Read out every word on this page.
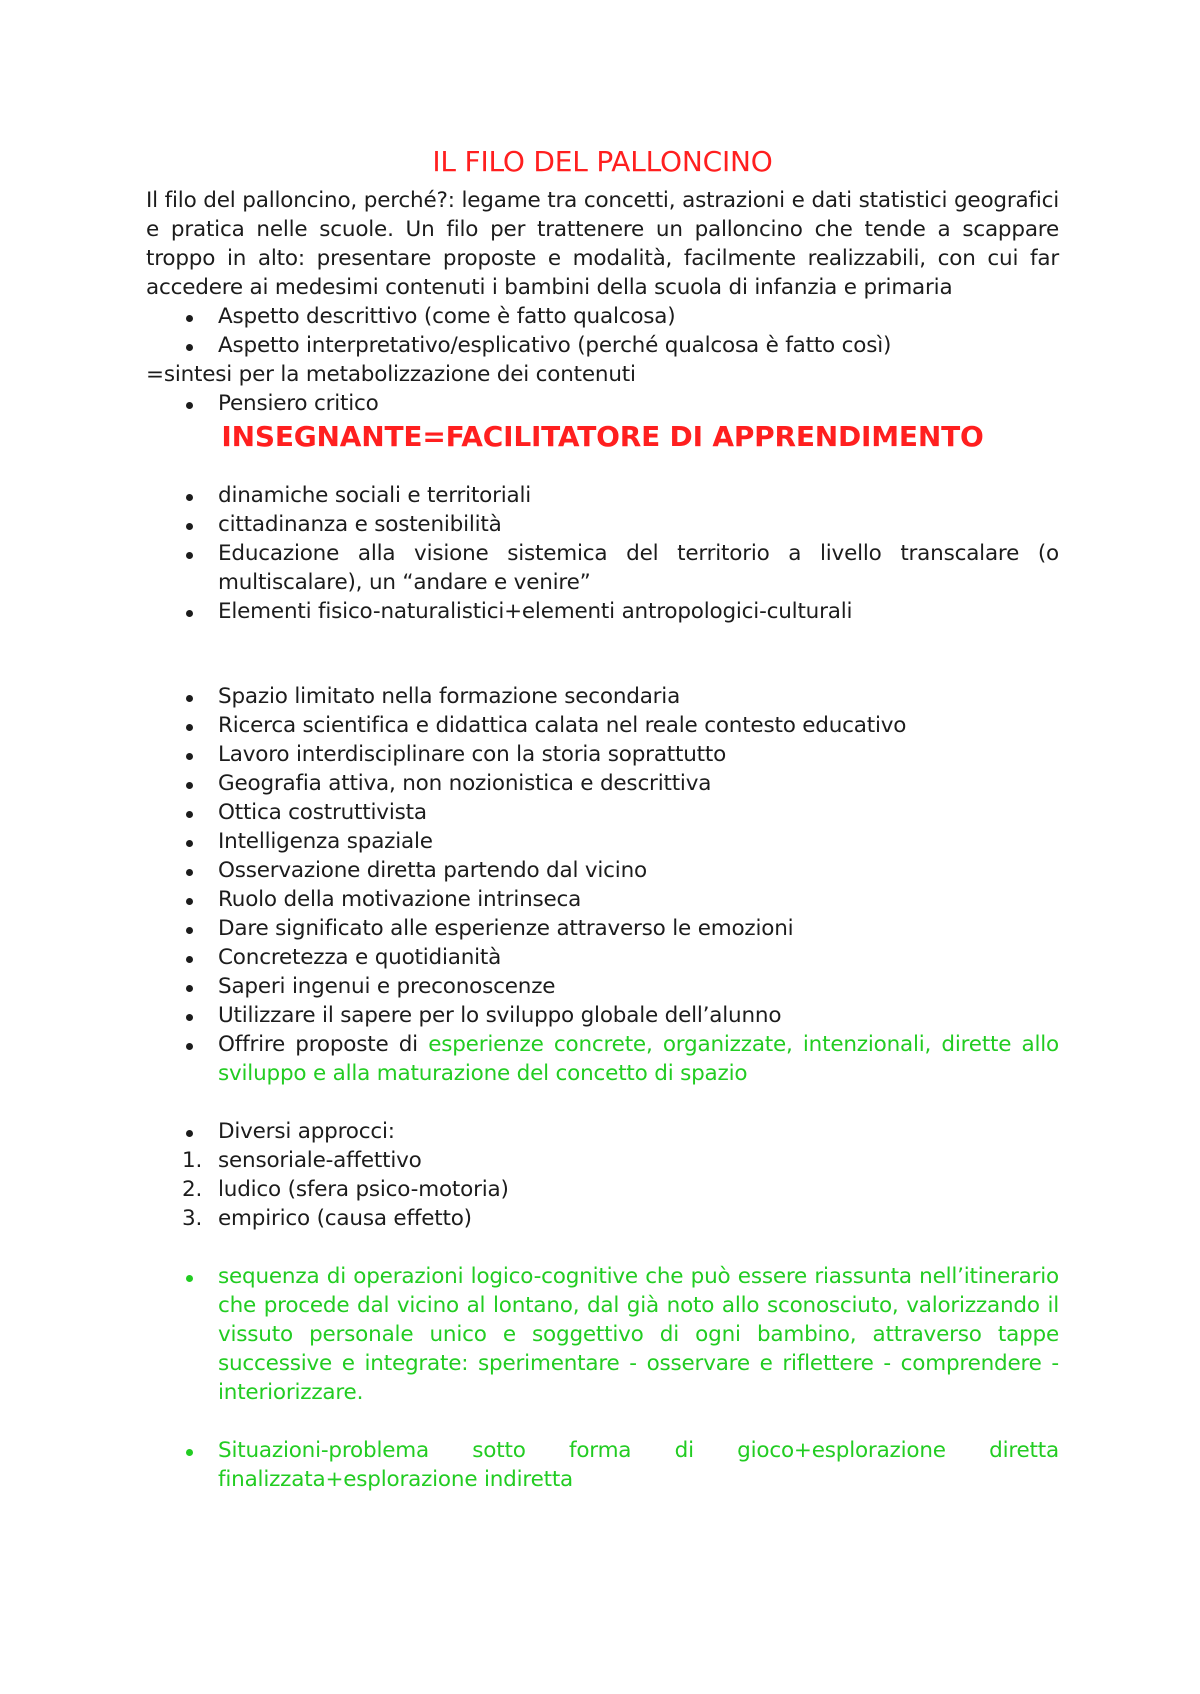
IL FILO DEL PALLONCINO

Il filo del palloncino, perché?: legame tra concetti, astrazioni e dati statistici geografici e pratica nelle scuole. Un filo per trattenere un palloncino che tende a scappare troppo in alto: presentare proposte e modalità, facilmente realizzabili, con cui far accedere ai medesimi contenuti i bambini della scuola di infanzia e primaria

Aspetto descrittivo (come è fatto qualcosa)
Aspetto interpretativo/esplicativo (perché qualcosa è fatto così)

=sintesi per la metabolizzazione dei contenuti

Pensiero critico
INSEGNANTE=FACILITATORE DI APPRENDIMENTO
dinamiche sociali e territoriali
cittadinanza e sostenibilità
Educazione alla visione sistemica del territorio a livello transcalare (o multiscalare), un “andare e venire”
Elementi fisico-naturalistici+elementi antropologici-culturali
Spazio limitato nella formazione secondaria
Ricerca scientifica e didattica calata nel reale contesto educativo
Lavoro interdisciplinare con la storia soprattutto
Geografia attiva, non nozionistica e descrittiva
Ottica costruttivista
Intelligenza spaziale
Osservazione diretta partendo dal vicino
Ruolo della motivazione intrinseca
Dare significato alle esperienze attraverso le emozioni
Concretezza e quotidianità
Saperi ingenui e preconoscenze
Utilizzare il sapere per lo sviluppo globale dell’alunno
Offrire proposte di esperienze concrete, organizzate, intenzionali, dirette allo sviluppo e alla maturazione del concetto di spazio
Diversi approcci:
1. sensoriale-affettivo
2. ludico (sfera psico-motoria)
3. empirico (causa effetto)
sequenza di operazioni logico-cognitive che può essere riassunta nell’itinerario che procede dal vicino al lontano, dal già noto allo sconosciuto, valorizzando il vissuto personale unico e soggettivo di ogni bambino, attraverso tappe successive e integrate: sperimentare - osservare e riflettere - comprendere - interiorizzare.
Situazioni-problema sotto forma di gioco+esplorazione diretta finalizzata+esplorazione indiretta
